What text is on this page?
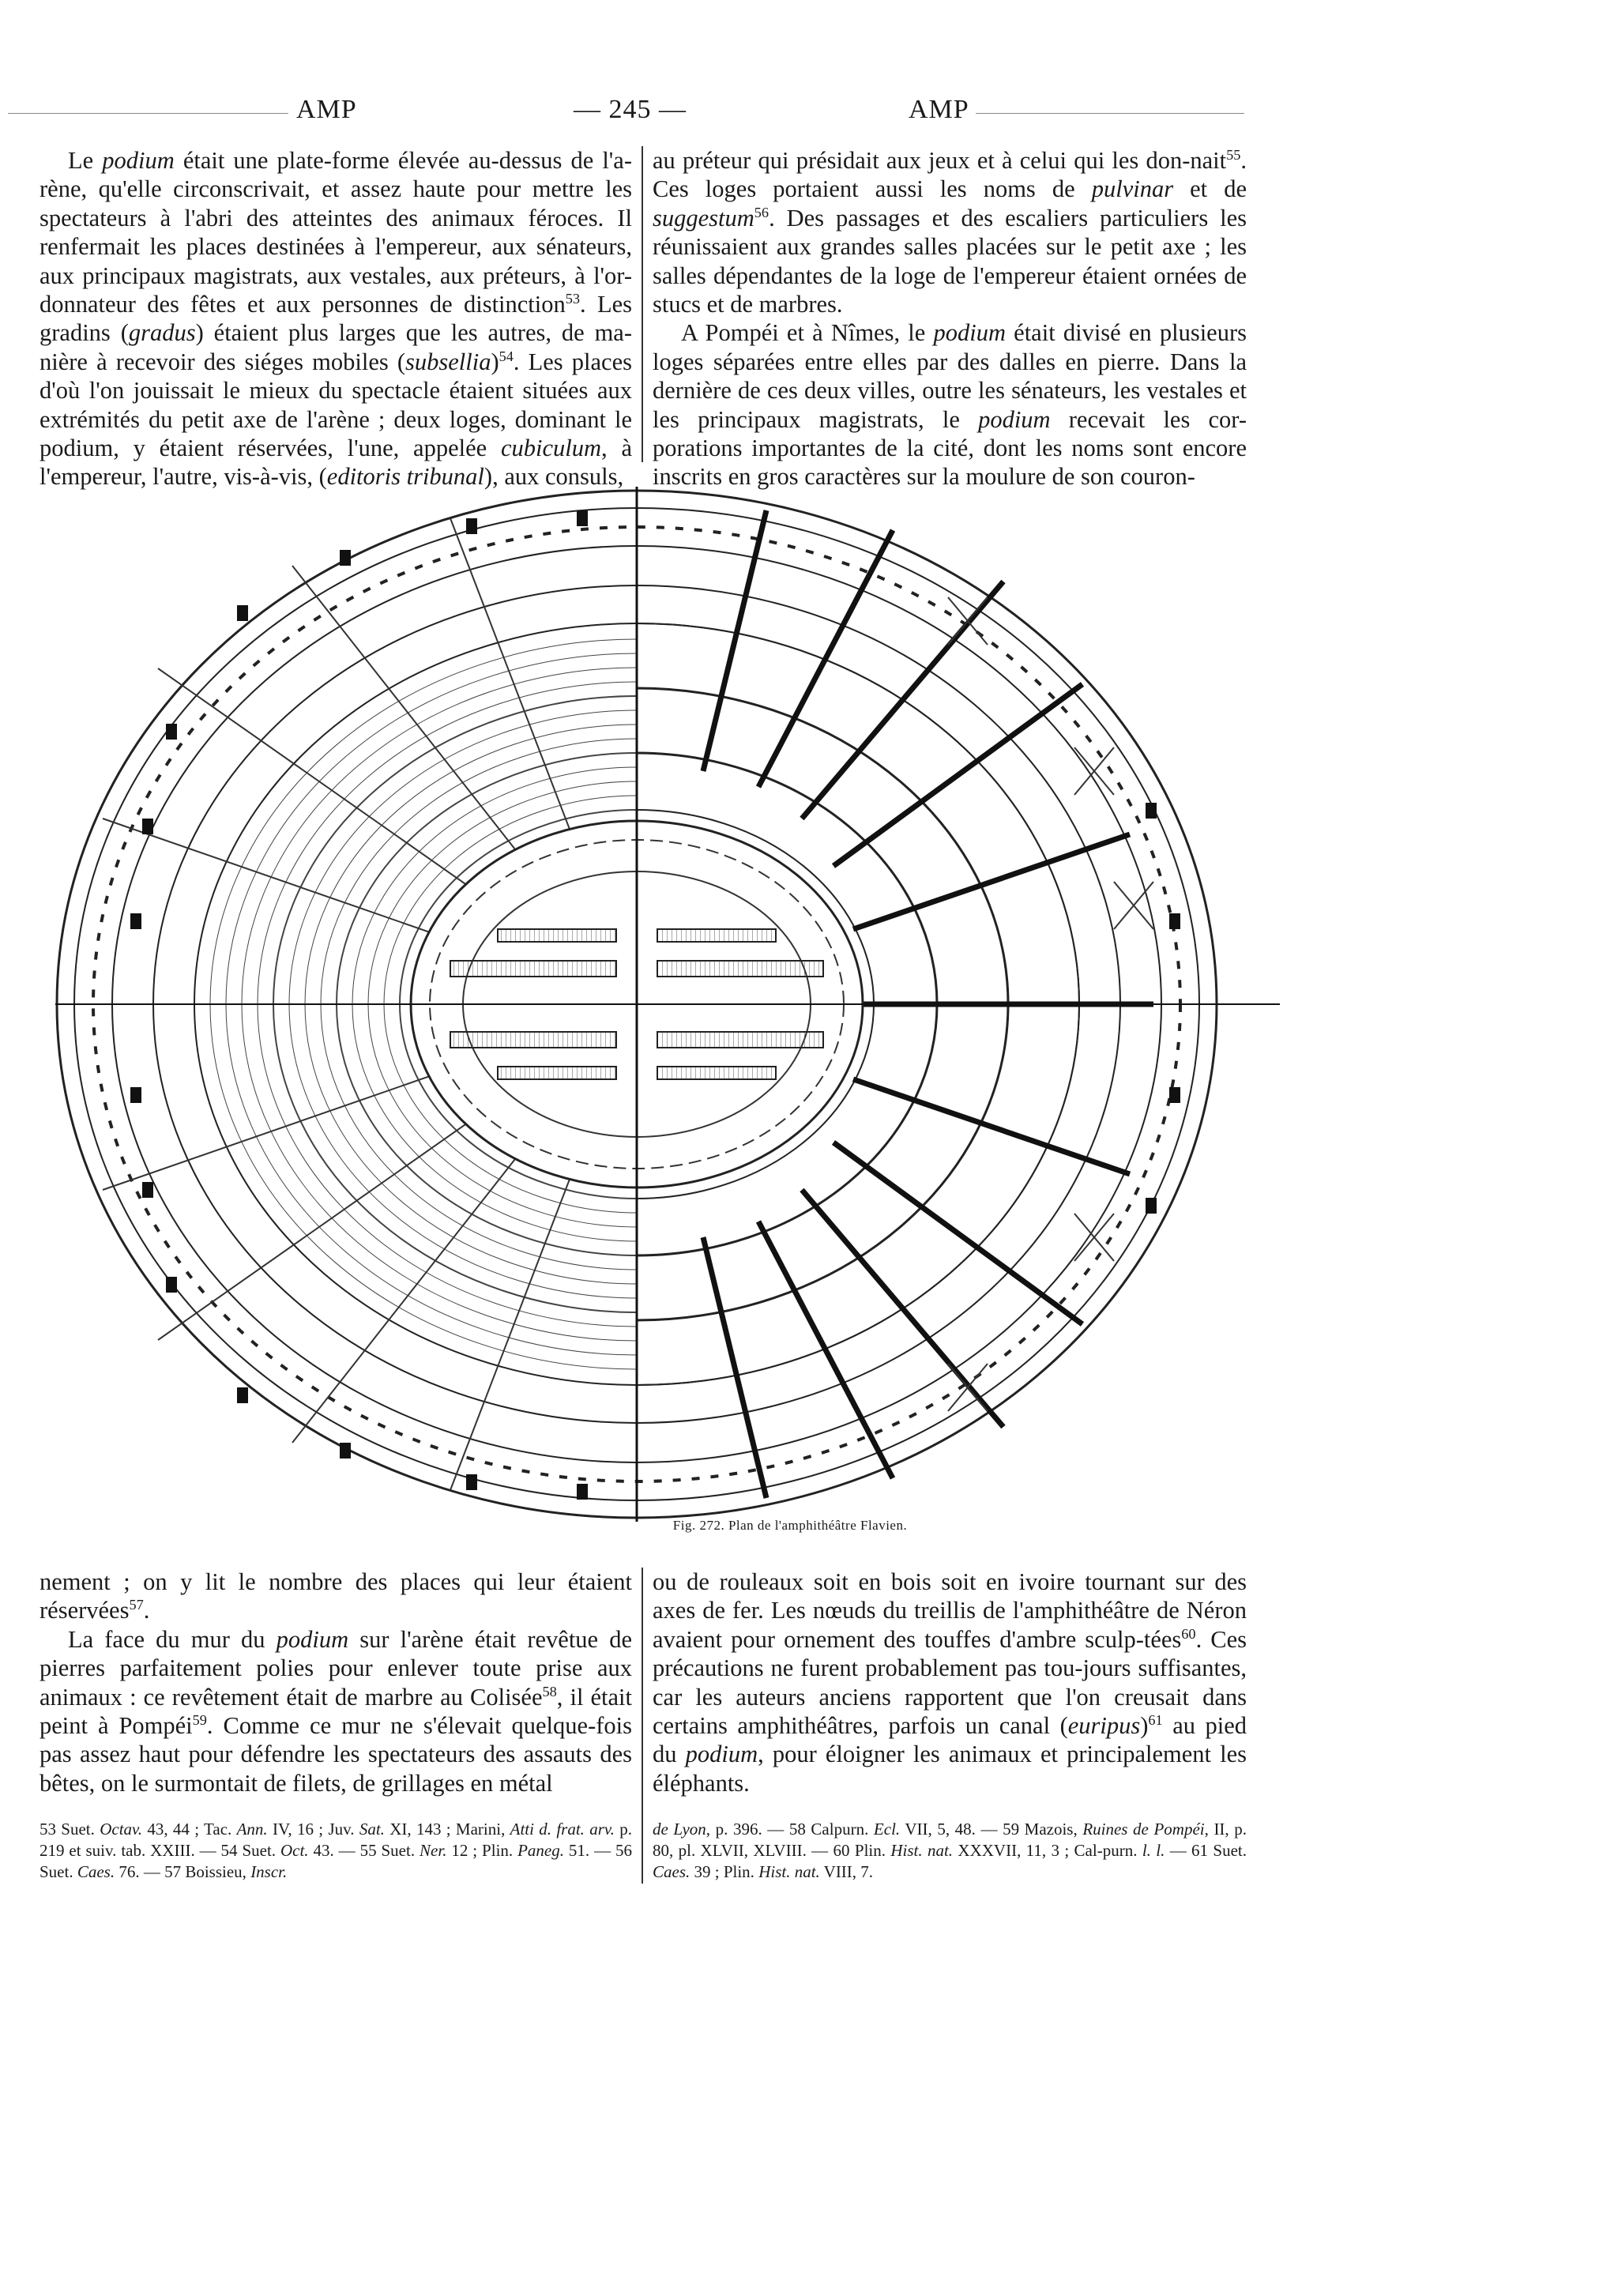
AMP	— 245 —	AMP

Le podium était une plate-forme élevée au-dessus de l'a-rène, qu'elle circonscrivait, et assez haute pour mettre les spectateurs à l'abri des atteintes des animaux féroces. Il renfermait les places destinées à l'empereur, aux sénateurs, aux principaux magistrats, aux vestales, aux préteurs, à l'or-donnateur des fêtes et aux personnes de distinction$^{53}$. Les gradins (gradus) étaient plus larges que les autres, de ma-nière à recevoir des siéges mobiles (subsellia)$^{54}$. Les places d'où l'on jouissait le mieux du spectacle étaient situées aux extrémités du petit axe de l'arène ; deux loges, dominant le podium, y étaient réservées, l'une, appelée cubiculum, à l'empereur, l'autre, vis-à-vis, (editoris tribunal), aux consuls,

au préteur qui présidait aux jeux et à celui qui les don-nait$^{55}$. Ces loges portaient aussi les noms de pulvinar et de suggestum$^{56}$. Des passages et des escaliers particuliers les réunissaient aux grandes salles placées sur le petit axe ; les salles dépendantes de la loge de l'empereur étaient ornées de stucs et de marbres.

A Pompéi et à Nîmes, le podium était divisé en plusieurs loges séparées entre elles par des dalles en pierre. Dans la dernière de ces deux villes, outre les sénateurs, les vestales et les principaux magistrats, le podium recevait les cor-porations importantes de la cité, dont les noms sont encore inscrits en gros caractères sur la moulure de son couron-

Fig. 272. Plan de l'amphithéâtre Flavien.

nement ; on y lit le nombre des places qui leur étaient réservées$^{57}$.

La face du mur du podium sur l'arène était revêtue de pierres parfaitement polies pour enlever toute prise aux animaux : ce revêtement était de marbre au Colisée$^{58}$, il était peint à Pompéi$^{59}$. Comme ce mur ne s'élevait quelque-fois pas assez haut pour défendre les spectateurs des assauts des bêtes, on le surmontait de filets, de grillages en métal

ou de rouleaux soit en bois soit en ivoire tournant sur des axes de fer. Les nœuds du treillis de l'amphithéâtre de Néron avaient pour ornement des touffes d'ambre sculp-tées$^{60}$. Ces précautions ne furent probablement pas tou-jours suffisantes, car les auteurs anciens rapportent que l'on creusait dans certains amphithéâtres, parfois un canal (euripus)$^{61}$ au pied du podium, pour éloigner les animaux et principalement les éléphants.

53 Suet. Octav. 43, 44 ; Tac. Ann. IV, 16 ; Juv. Sat. XI, 143 ; Marini, Atti d. frat. arv. p. 219 et suiv. tab. XXIII. — 54 Suet. Oct. 43. — 55 Suet. Ner. 12 ; Plin. Paneg. 51. — 56 Suet. Caes. 76. — 57 Boissieu, Inscr.

de Lyon, p. 396. — 58 Calpurn. Ecl. VII, 5, 48. — 59 Mazois, Ruines de Pompéi, II, p. 80, pl. XLVII, XLVIII. — 60 Plin. Hist. nat. XXXVII, 11, 3 ; Cal-purn. l. l. — 61 Suet. Caes. 39 ; Plin. Hist. nat. VIII, 7.
